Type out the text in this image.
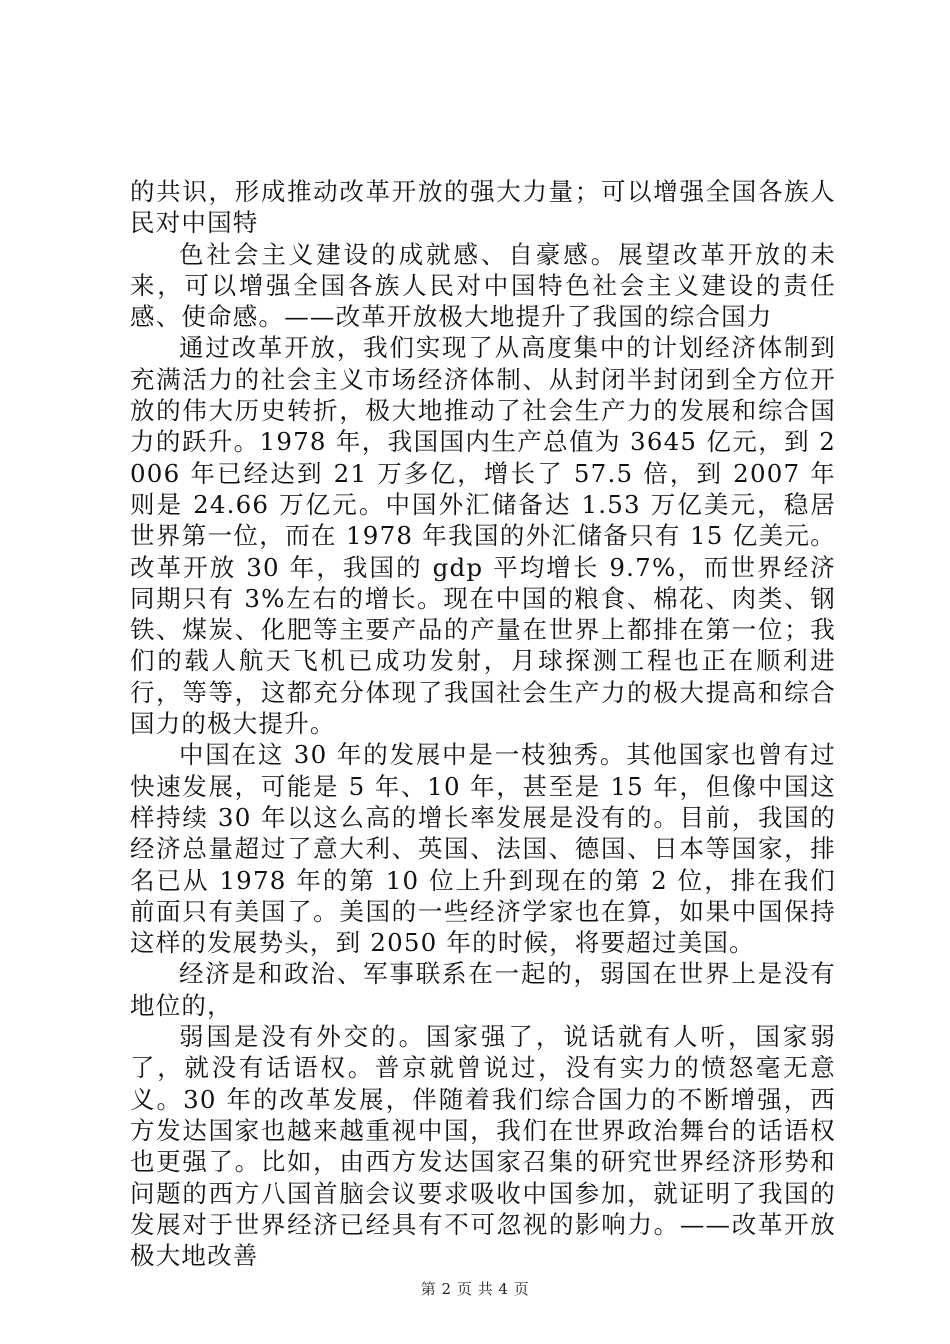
的共识，形成推动改革开放的强大力量；可以增强全国各族人民对中国特

色社会主义建设的成就感、自豪感。展望改革开放的未来，可以增强全国各族人民对中国特色社会主义建设的责任感、使命感。——改革开放极大地提升了我国的综合国力

通过改革开放，我们实现了从高度集中的计划经济体制到充满活力的社会主义市场经济体制、从封闭半封闭到全方位开放的伟大历史转折，极大地推动了社会生产力的发展和综合国力的跃升。1978 年，我国国内生产总值为 3645 亿元，到 2006 年已经达到 21 万多亿，增长了 57.5 倍，到 2007 年则是 24.66 万亿元。中国外汇储备达 1.53 万亿美元，稳居世界第一位，而在 1978 年我国的外汇储备只有 15 亿美元。改革开放 30 年，我国的 gdp 平均增长 9.7%，而世界经济同期只有 3%左右的增长。现在中国的粮食、棉花、肉类、钢铁、煤炭、化肥等主要产品的产量在世界上都排在第一位；我们的载人航天飞机已成功发射，月球探测工程也正在顺利进行，等等，这都充分体现了我国社会生产力的极大提高和综合国力的极大提升。

中国在这 30 年的发展中是一枝独秀。其他国家也曾有过快速发展，可能是 5 年、10 年，甚至是 15 年，但像中国这样持续 30 年以这么高的增长率发展是没有的。目前，我国的经济总量超过了意大利、英国、法国、德国、日本等国家，排名已从 1978 年的第 10 位上升到现在的第 2 位，排在我们前面只有美国了。美国的一些经济学家也在算，如果中国保持这样的发展势头，到 2050 年的时候，将要超过美国。

经济是和政治、军事联系在一起的，弱国在世界上是没有地位的，

弱国是没有外交的。国家强了，说话就有人听，国家弱了，就没有话语权。普京就曾说过，没有实力的愤怒毫无意义。30 年的改革发展，伴随着我们综合国力的不断增强，西方发达国家也越来越重视中国，我们在世界政治舞台的话语权也更强了。比如，由西方发达国家召集的研究世界经济形势和问题的西方八国首脑会议要求吸收中国参加，就证明了我国的发展对于世界经济已经具有不可忽视的影响力。——改革开放极大地改善

第 2 页 共 4 页
